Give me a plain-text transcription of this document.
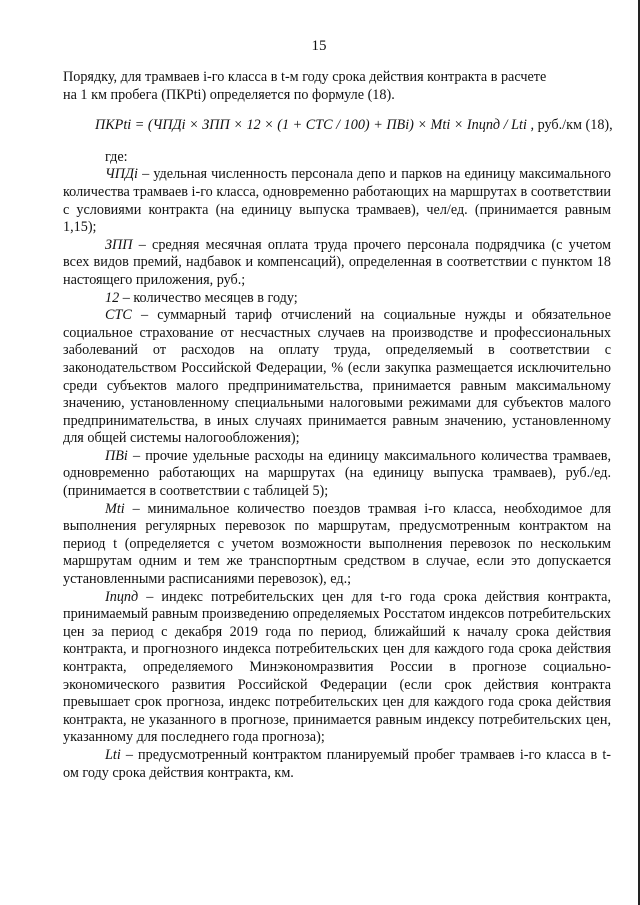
15

Порядку, для трамваев i-го класса в t-м году срока действия контракта в расчете
на 1 км пробега (ПКРti) определяется по формуле (18).

ПКРti = (ЧПДi × ЗПП × 12 × (1 + СТС / 100) + ПВi) × Mti × Iпцпд / Lti , руб./км (18),

где:

ЧПДi – удельная численность персонала депо и парков на единицу максимального количества трамваев i-го класса, одновременно работающих на маршрутах в соответствии с условиями контракта (на единицу выпуска трамваев), чел/ед. (принимается равным 1,15);

ЗПП – средняя месячная оплата труда прочего персонала подрядчика (с учетом всех видов премий, надбавок и компенсаций), определенная в соответствии с пунктом 18 настоящего приложения, руб.;

12 – количество месяцев в году;

СТС – суммарный тариф отчислений на социальные нужды и обязательное социальное страхование от несчастных случаев на производстве и профессиональных заболеваний от расходов на оплату труда, определяемый в соответствии с законодательством Российской Федерации, % (если закупка размещается исключительно среди субъектов малого предпринимательства, принимается равным максимальному значению, установленному специальными налоговыми режимами для субъектов малого предпринимательства, в иных случаях принимается равным значению, установленному для общей системы налогообложения);

ПВi – прочие удельные расходы на единицу максимального количества трамваев, одновременно работающих на маршрутах (на единицу выпуска трамваев), руб./ед. (принимается в соответствии с таблицей 5);

Mti – минимальное количество поездов трамвая i-го класса, необходимое для выполнения регулярных перевозок по маршрутам, предусмотренным контрактом на период t (определяется с учетом возможности выполнения перевозок по нескольким маршрутам одним и тем же транспортным средством в случае, если это допускается установленными расписаниями перевозок), ед.;

Iпцпд – индекс потребительских цен для t-го года срока действия контракта, принимаемый равным произведению определяемых Росстатом индексов потребительских цен за период с декабря 2019 года по период, ближайший к началу срока действия контракта, и прогнозного индекса потребительских цен для каждого года срока действия контракта, определяемого Минэкономразвития России в прогнозе социально-экономического развития Российской Федерации (если срок действия контракта превышает срок прогноза, индекс потребительских цен для каждого года срока действия контракта, не указанного в прогнозе, принимается равным индексу потребительских цен, указанному для последнего года прогноза);

Lti – предусмотренный контрактом планируемый пробег трамваев i-го класса в t-ом году срока действия контракта, км.
